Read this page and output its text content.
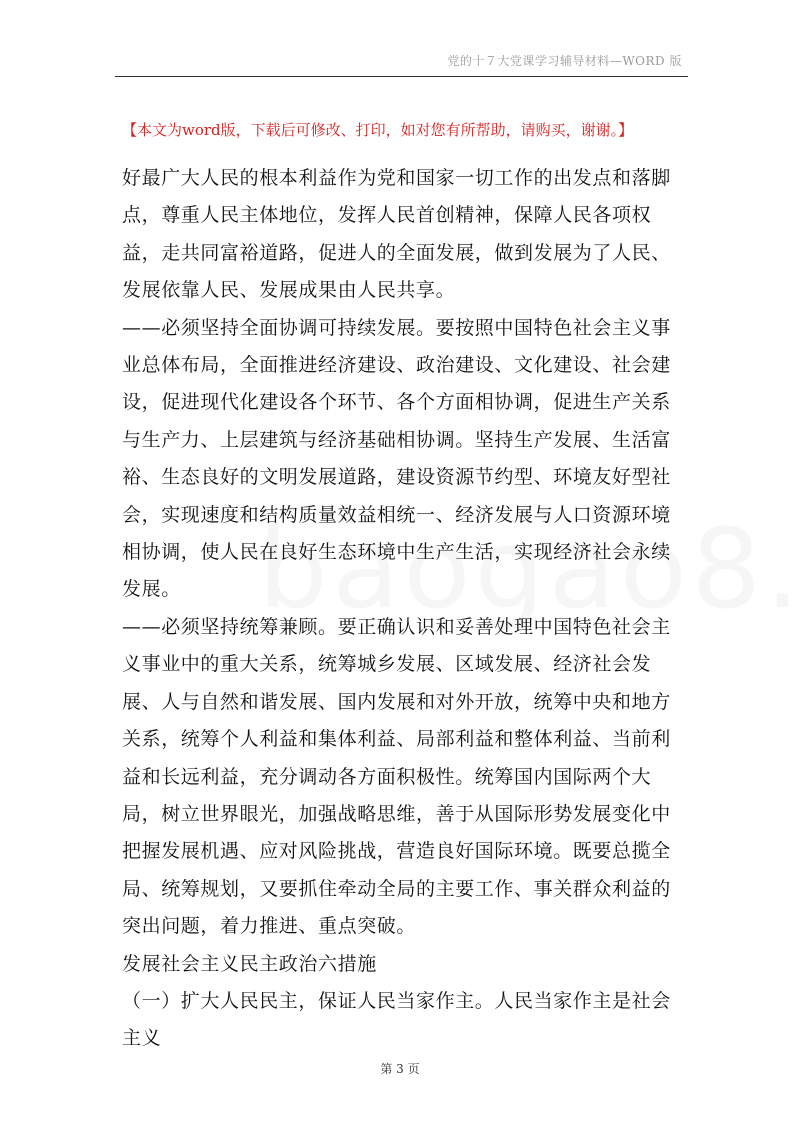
党的十７大党课学习辅导材料—WORD 版
【本文为word版，下载后可修改、打印，如对您有所帮助，请购买，谢谢。】

好最广大人民的根本利益作为党和国家一切工作的出发点和落脚点，尊重人民主体地位，发挥人民首创精神，保障人民各项权益，走共同富裕道路，促进人的全面发展，做到发展为了人民、发展依靠人民、发展成果由人民共享。

——必须坚持全面协调可持续发展。要按照中国特色社会主义事业总体布局，全面推进经济建设、政治建设、文化建设、社会建设，促进现代化建设各个环节、各个方面相协调，促进生产关系与生产力、上层建筑与经济基础相协调。坚持生产发展、生活富裕、生态良好的文明发展道路，建设资源节约型、环境友好型社会，实现速度和结构质量效益相统一、经济发展与人口资源环境相协调，使人民在良好生态环境中生产生活，实现经济社会永续发展。

——必须坚持统筹兼顾。要正确认识和妥善处理中国特色社会主义事业中的重大关系，统筹城乡发展、区域发展、经济社会发展、人与自然和谐发展、国内发展和对外开放，统筹中央和地方关系，统筹个人利益和集体利益、局部利益和整体利益、当前利益和长远利益，充分调动各方面积极性。统筹国内国际两个大局，树立世界眼光，加强战略思维，善于从国际形势发展变化中把握发展机遇、应对风险挑战，营造良好国际环境。既要总揽全局、统筹规划，又要抓住牵动全局的主要工作、事关群众利益的突出问题，着力推进、重点突破。

发展社会主义民主政治六措施

（一）扩大人民民主，保证人民当家作主。人民当家作主是社会主义

第 3 页
